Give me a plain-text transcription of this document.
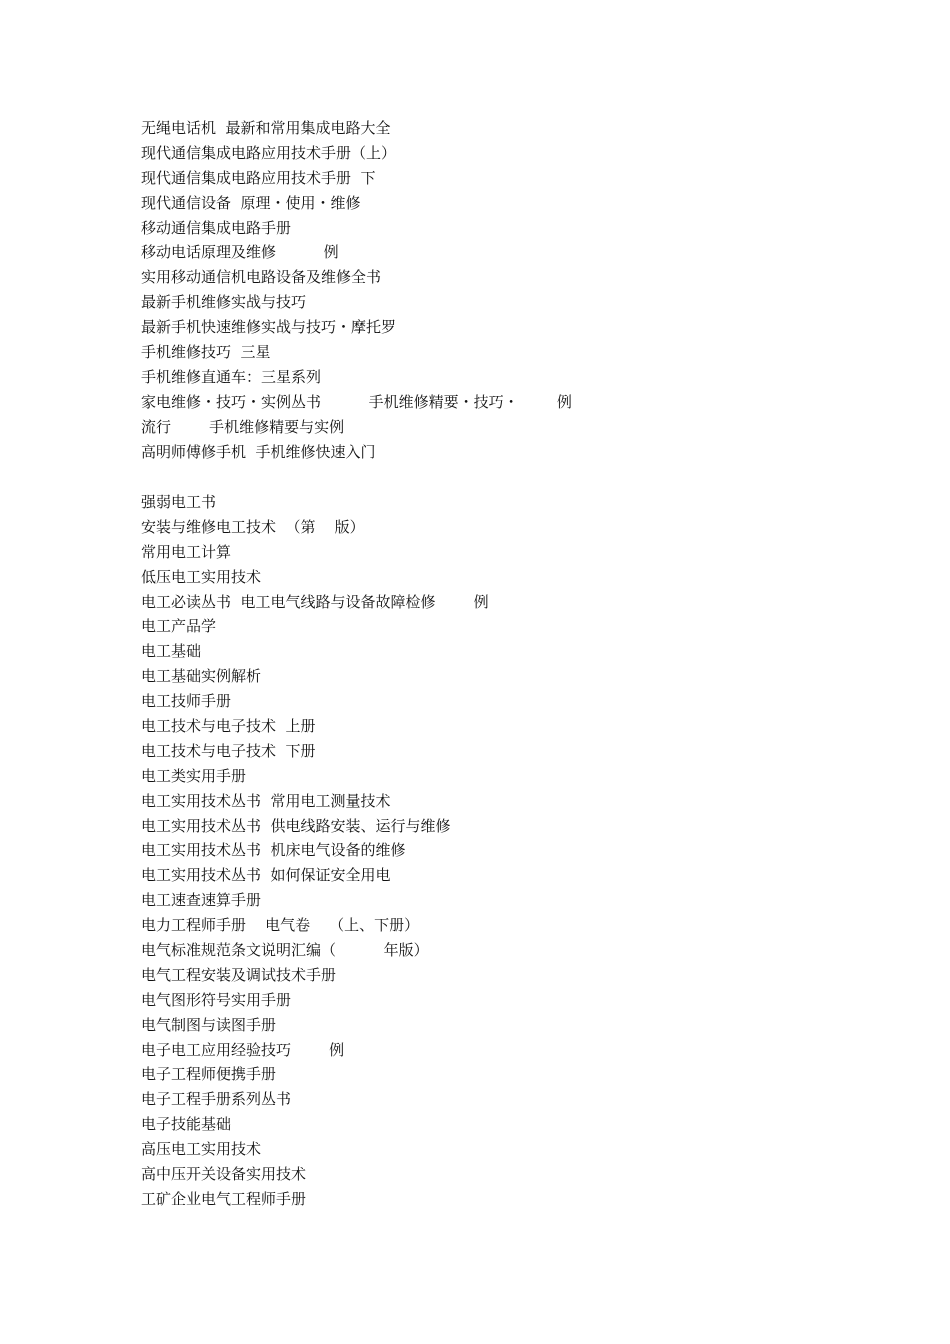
无绳电话机  最新和常用集成电路大全
现代通信集成电路应用技术手册（上）
现代通信集成电路应用技术手册  下
现代通信设备  原理・使用・维修
移动通信集成电路手册
移动电话原理及维修          例
实用移动通信机电路设备及维修全书
最新手机维修实战与技巧
最新手机快速维修实战与技巧・摩托罗
手机维修技巧  三星
手机维修直通车：三星系列
家电维修・技巧・实例丛书          手机维修精要・技巧・        例
流行        手机维修精要与实例
高明师傅修手机  手机维修快速入门
强弱电工书
安装与维修电工技术  （第    版）
常用电工计算
低压电工实用技术
电工必读丛书  电工电气线路与设备故障检修        例
电工产品学
电工基础
电工基础实例解析
电工技师手册
电工技术与电子技术  上册
电工技术与电子技术  下册
电工类实用手册
电工实用技术丛书  常用电工测量技术
电工实用技术丛书  供电线路安装、运行与维修
电工实用技术丛书  机床电气设备的维修
电工实用技术丛书  如何保证安全用电
电工速查速算手册
电力工程师手册    电气卷    （上、下册）
电气标准规范条文说明汇编（          年版）
电气工程安装及调试技术手册
电气图形符号实用手册
电气制图与读图手册
电子电工应用经验技巧        例
电子工程师便携手册
电子工程手册系列丛书
电子技能基础
高压电工实用技术
高中压开关设备实用技术
工矿企业电气工程师手册
